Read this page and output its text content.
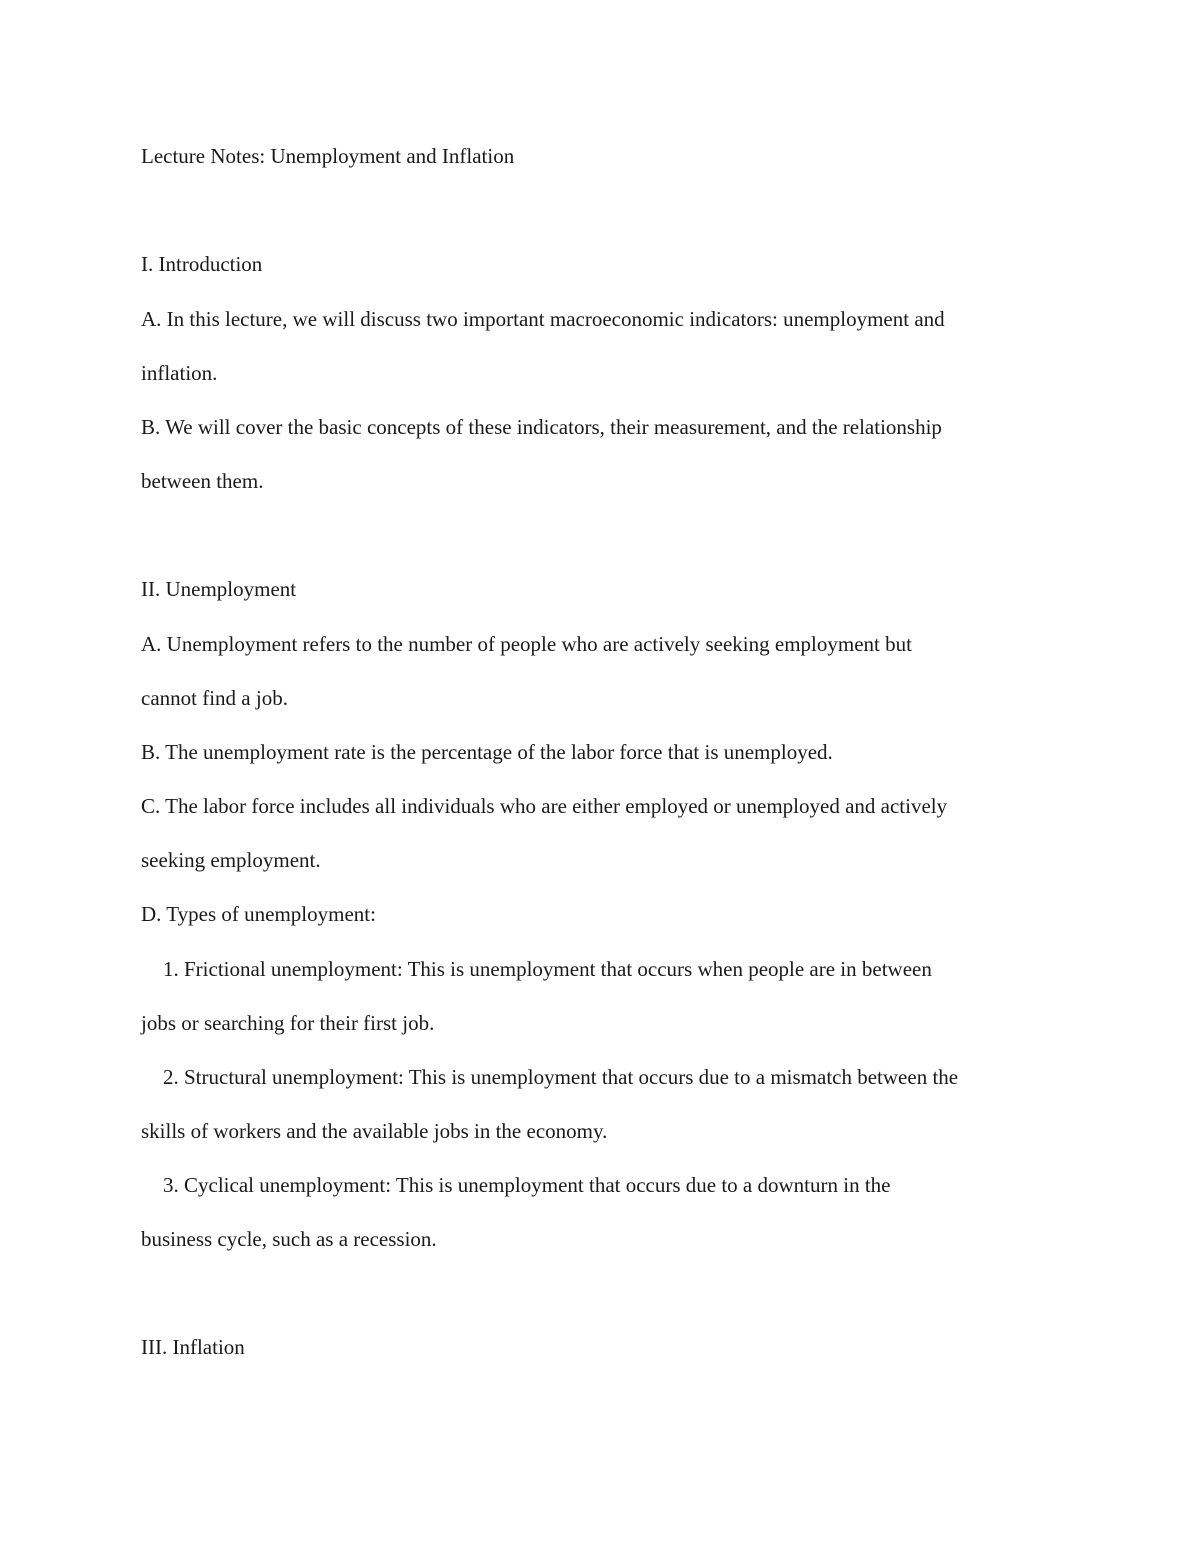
Lecture Notes: Unemployment and Inflation
I. Introduction
A. In this lecture, we will discuss two important macroeconomic indicators: unemployment and
inflation.
B. We will cover the basic concepts of these indicators, their measurement, and the relationship
between them.
II. Unemployment
A. Unemployment refers to the number of people who are actively seeking employment but
cannot find a job.
B. The unemployment rate is the percentage of the labor force that is unemployed.
C. The labor force includes all individuals who are either employed or unemployed and actively
seeking employment.
D. Types of unemployment:
1. Frictional unemployment: This is unemployment that occurs when people are in between
jobs or searching for their first job.
2. Structural unemployment: This is unemployment that occurs due to a mismatch between the
skills of workers and the available jobs in the economy.
3. Cyclical unemployment: This is unemployment that occurs due to a downturn in the
business cycle, such as a recession.
III. Inflation
